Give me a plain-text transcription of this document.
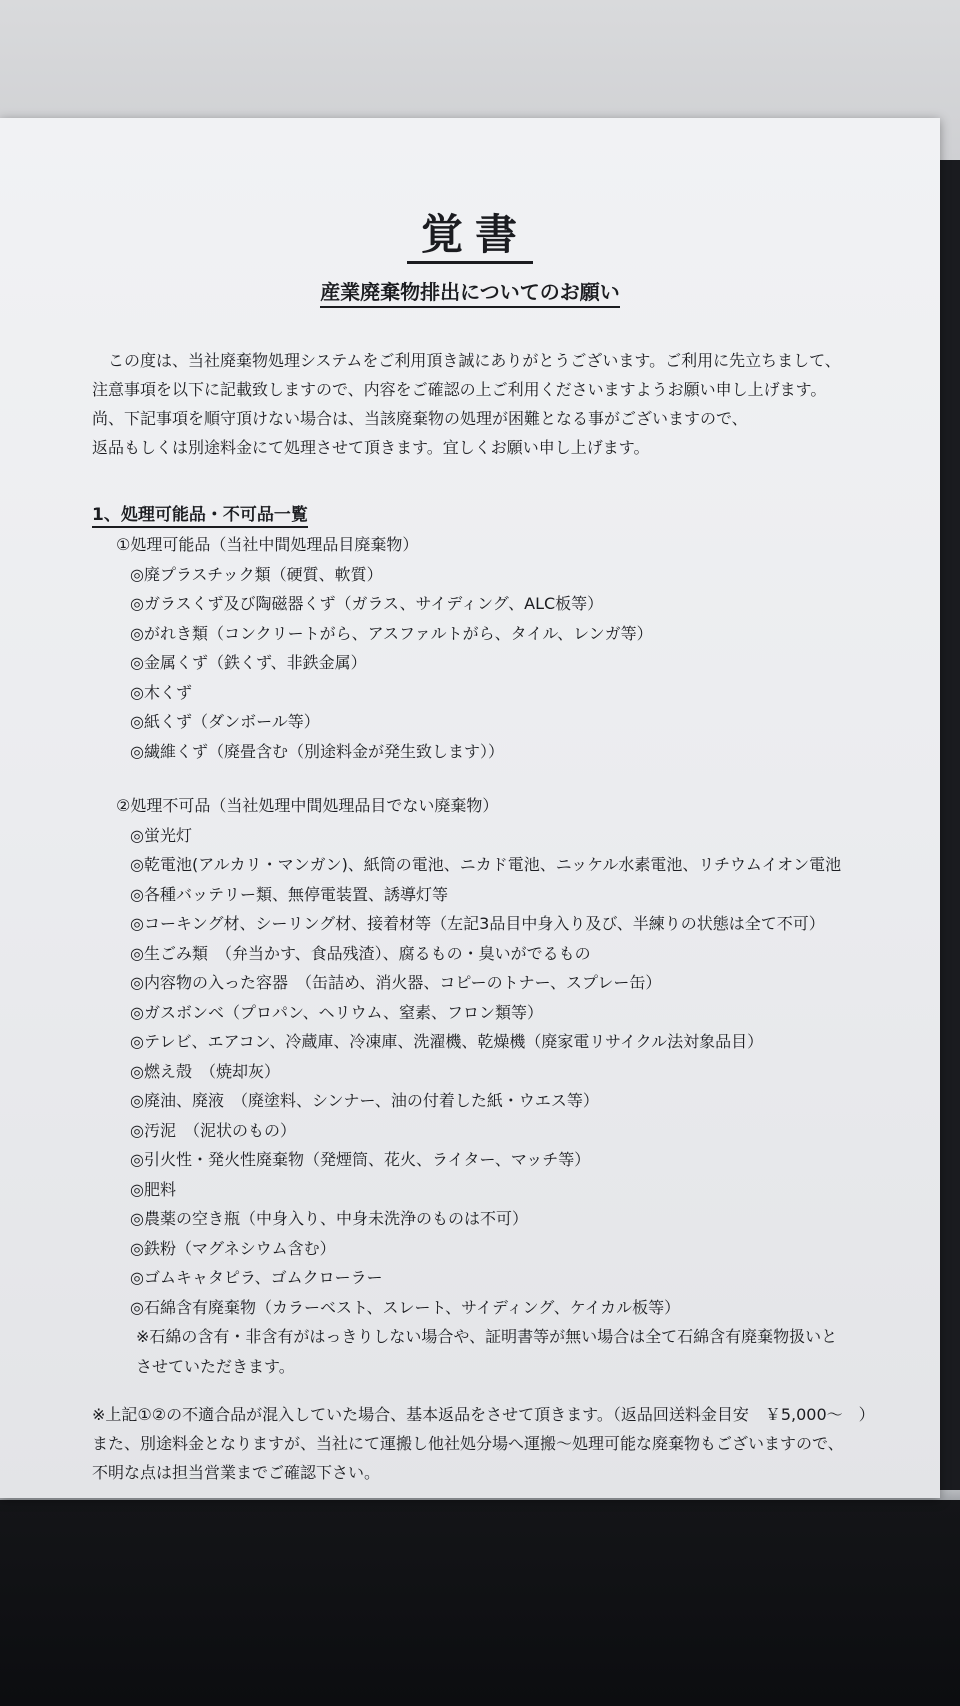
覚書
産業廃棄物排出についてのお願い
　この度は、当社廃棄物処理システムをご利用頂き誠にありがとうございます。ご利用に先立ちまして、
注意事項を以下に記載致しますので、内容をご確認の上ご利用くださいますようお願い申し上げます。
尚、下記事項を順守頂けない場合は、当該廃棄物の処理が困難となる事がございますので、
返品もしくは別途料金にて処理させて頂きます。宜しくお願い申し上げます。
1、処理可能品・不可品一覧
①処理可能品（当社中間処理品目廃棄物）
◎廃プラスチック類（硬質、軟質）
◎ガラスくず及び陶磁器くず（ガラス、サイディング、ALC板等）
◎がれき類（コンクリートがら、アスファルトがら、タイル、レンガ等）
◎金属くず（鉄くず、非鉄金属）
◎木くず
◎紙くず（ダンボール等）
◎繊維くず（廃畳含む（別途料金が発生致します））
②処理不可品（当社処理中間処理品目でない廃棄物）
◎蛍光灯
◎乾電池(アルカリ・マンガン)、紙筒の電池、ニカド電池、ニッケル水素電池、リチウムイオン電池
◎各種バッテリー類、無停電装置、誘導灯等
◎コーキング材、シーリング材、接着材等（左記3品目中身入り及び、半練りの状態は全て不可）
◎生ごみ類　（弁当かす、食品残渣）、腐るもの・臭いがでるもの
◎内容物の入った容器　（缶詰め、消火器、コピーのトナー、スプレー缶）
◎ガスボンベ（プロパン、ヘリウム、窒素、フロン類等）
◎テレビ、エアコン、冷蔵庫、冷凍庫、洗濯機、乾燥機（廃家電リサイクル法対象品目）
◎燃え殻　（焼却灰）
◎廃油、廃液　（廃塗料、シンナー、油の付着した紙・ウエス等）
◎汚泥　（泥状のもの）
◎引火性・発火性廃棄物（発煙筒、花火、ライター、マッチ等）
◎肥料
◎農薬の空き瓶（中身入り、中身未洗浄のものは不可）
◎鉄粉（マグネシウム含む）
◎ゴムキャタピラ、ゴムクローラー
◎石綿含有廃棄物（カラーベスト、スレート、サイディング、ケイカル板等）
※石綿の含有・非含有がはっきりしない場合や、証明書等が無い場合は全て石綿含有廃棄物扱いと
させていただきます。
※上記①②の不適合品が混入していた場合、基本返品をさせて頂きます。（返品回送料金目安　￥5,000～　）
また、別途料金となりますが、当社にて運搬し他社処分場へ運搬～処理可能な廃棄物もございますので、
不明な点は担当営業までご確認下さい。
